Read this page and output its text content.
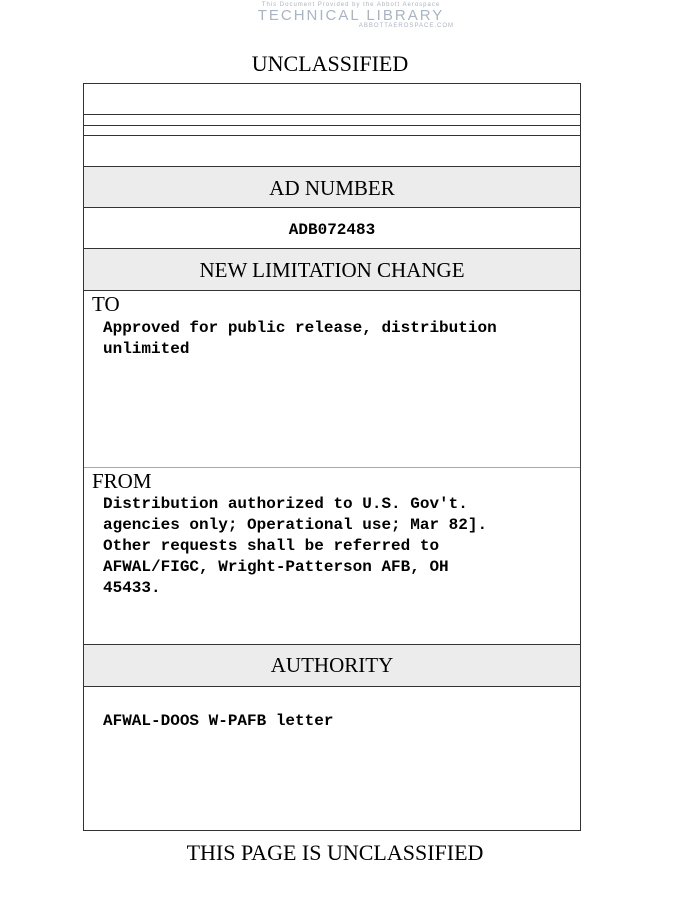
This Document Provided by the Abbott Aerospace
TECHNICAL LIBRARY
ABBOTTAEROSPACE.COM
UNCLASSIFIED
AD NUMBER
ADB072483
NEW LIMITATION CHANGE
TO
Approved for public release, distribution unlimited
FROM
Distribution authorized to U.S. Gov't.
agencies only; Operational use; Mar 82].
Other requests shall be referred to
AFWAL/FIGC, Wright-Patterson AFB, OH
45433.
AUTHORITY
AFWAL-DOOS W-PAFB letter
THIS PAGE IS UNCLASSIFIED
